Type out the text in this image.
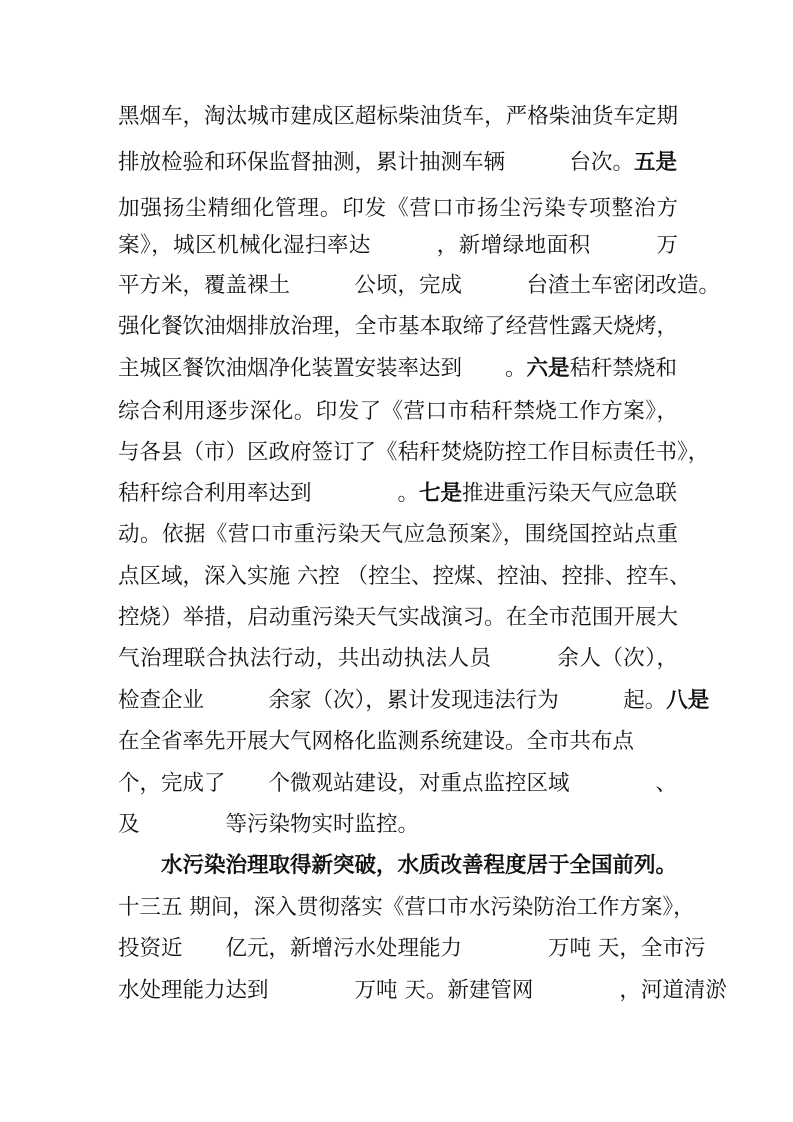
黑烟车，淘汰城市建成区超标柴油货车，严格柴油货车定期
排放检验和环保监督抽测，累计抽测车辆　　　台次。五是
加强扬尘精细化管理。印发《营口市扬尘污染专项整治方
案》，城区机械化湿扫率达　　　，新增绿地面积　　　万
平方米，覆盖裸土　　　公顷，完成　　　台渣土车密闭改造。
强化餐饮油烟排放治理，全市基本取缔了经营性露天烧烤，
主城区餐饮油烟净化装置安装率达到　　。六是秸秆禁烧和
综合利用逐步深化。印发了《营口市秸秆禁烧工作方案》，
与各县（市）区政府签订了《秸秆焚烧防控工作目标责任书》，
秸秆综合利用率达到　　　　。七是推进重污染天气应急联
动。依据《营口市重污染天气应急预案》，围绕国控站点重
点区域，深入实施 六控 （控尘、控煤、控油、控排、控车、
控烧）举措，启动重污染天气实战演习。在全市范围开展大
气治理联合执法行动，共出动执法人员　　　余人（次），
检查企业　　　余家（次），累计发现违法行为　　　起。八是
在全省率先开展大气网格化监测系统建设。全市共布点
个，完成了　　个微观站建设，对重点监控区域　　　　、
及　　　　等污染物实时监控。
　　水污染治理取得新突破，水质改善程度居于全国前列。
十三五 期间，深入贯彻落实《营口市水污染防治工作方案》，
投资近　　亿元，新增污水处理能力　　　　万吨 天，全市污
水处理能力达到　　　　万吨 天。新建管网　　　　，河道清淤
